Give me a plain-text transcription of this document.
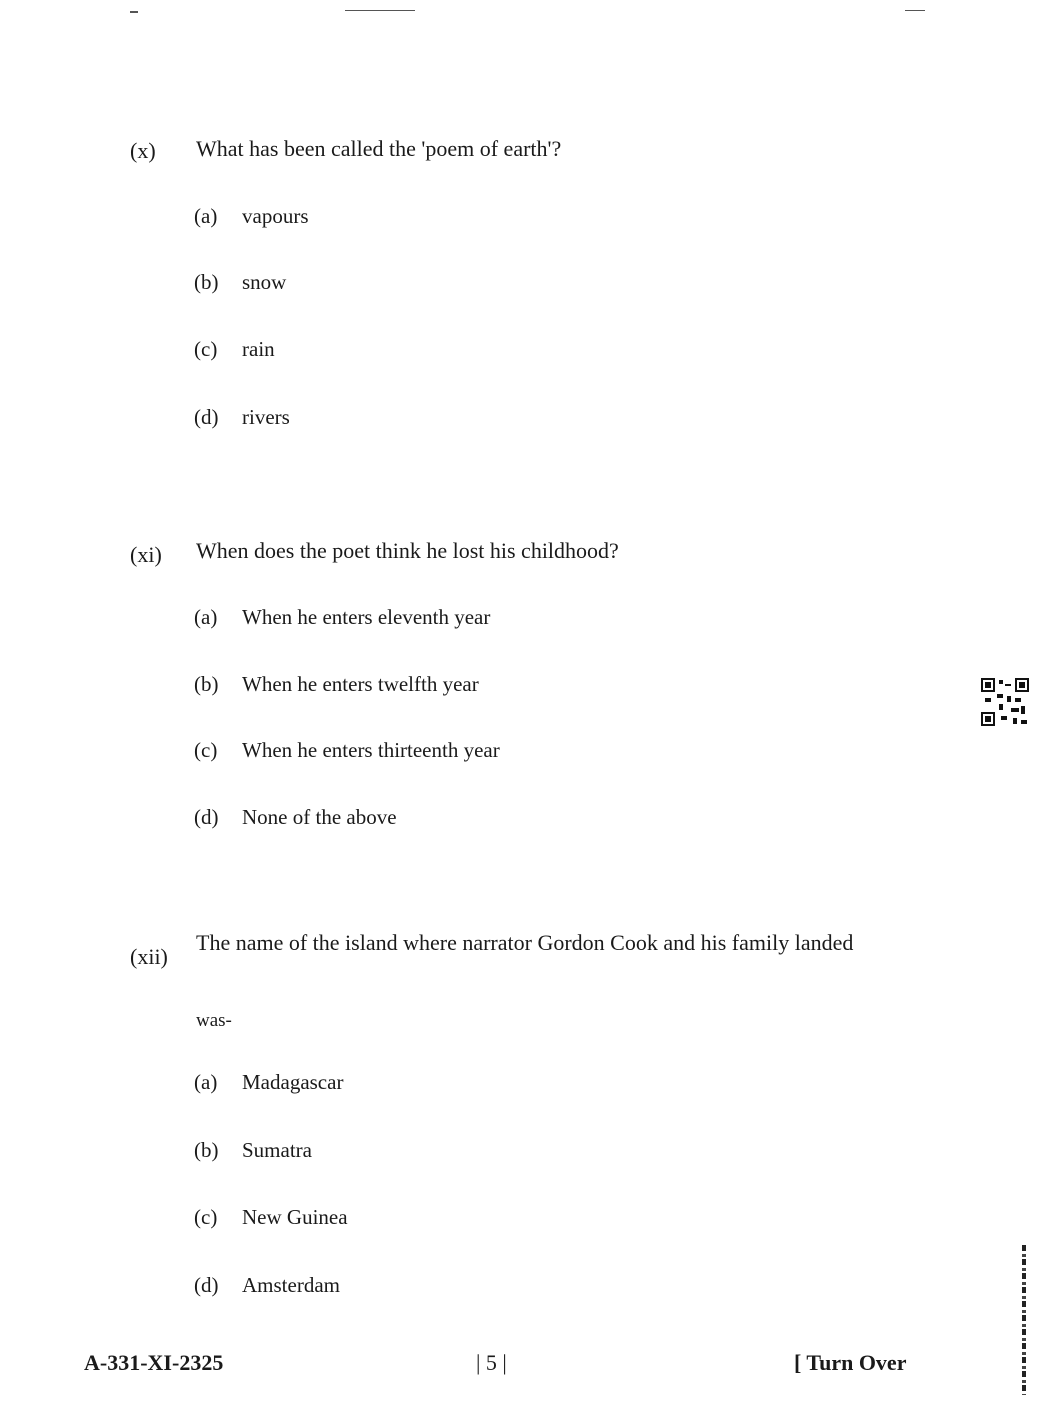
(x) What has been called the 'poem of earth'?
(a) vapours
(b) snow
(c) rain
(d) rivers
(xi) When does the poet think he lost his childhood?
(a) When he enters eleventh year
(b) When he enters twelfth year
(c) When he enters thirteenth year
(d) None of the above
(xii)
The name of the island where narrator Gordon Cook and his family landed
was-
(a) Madagascar
(b) Sumatra
(c) New Guinea
(d) Amsterdam
A-331-XI-2325	| 5 |	[ Turn Over
